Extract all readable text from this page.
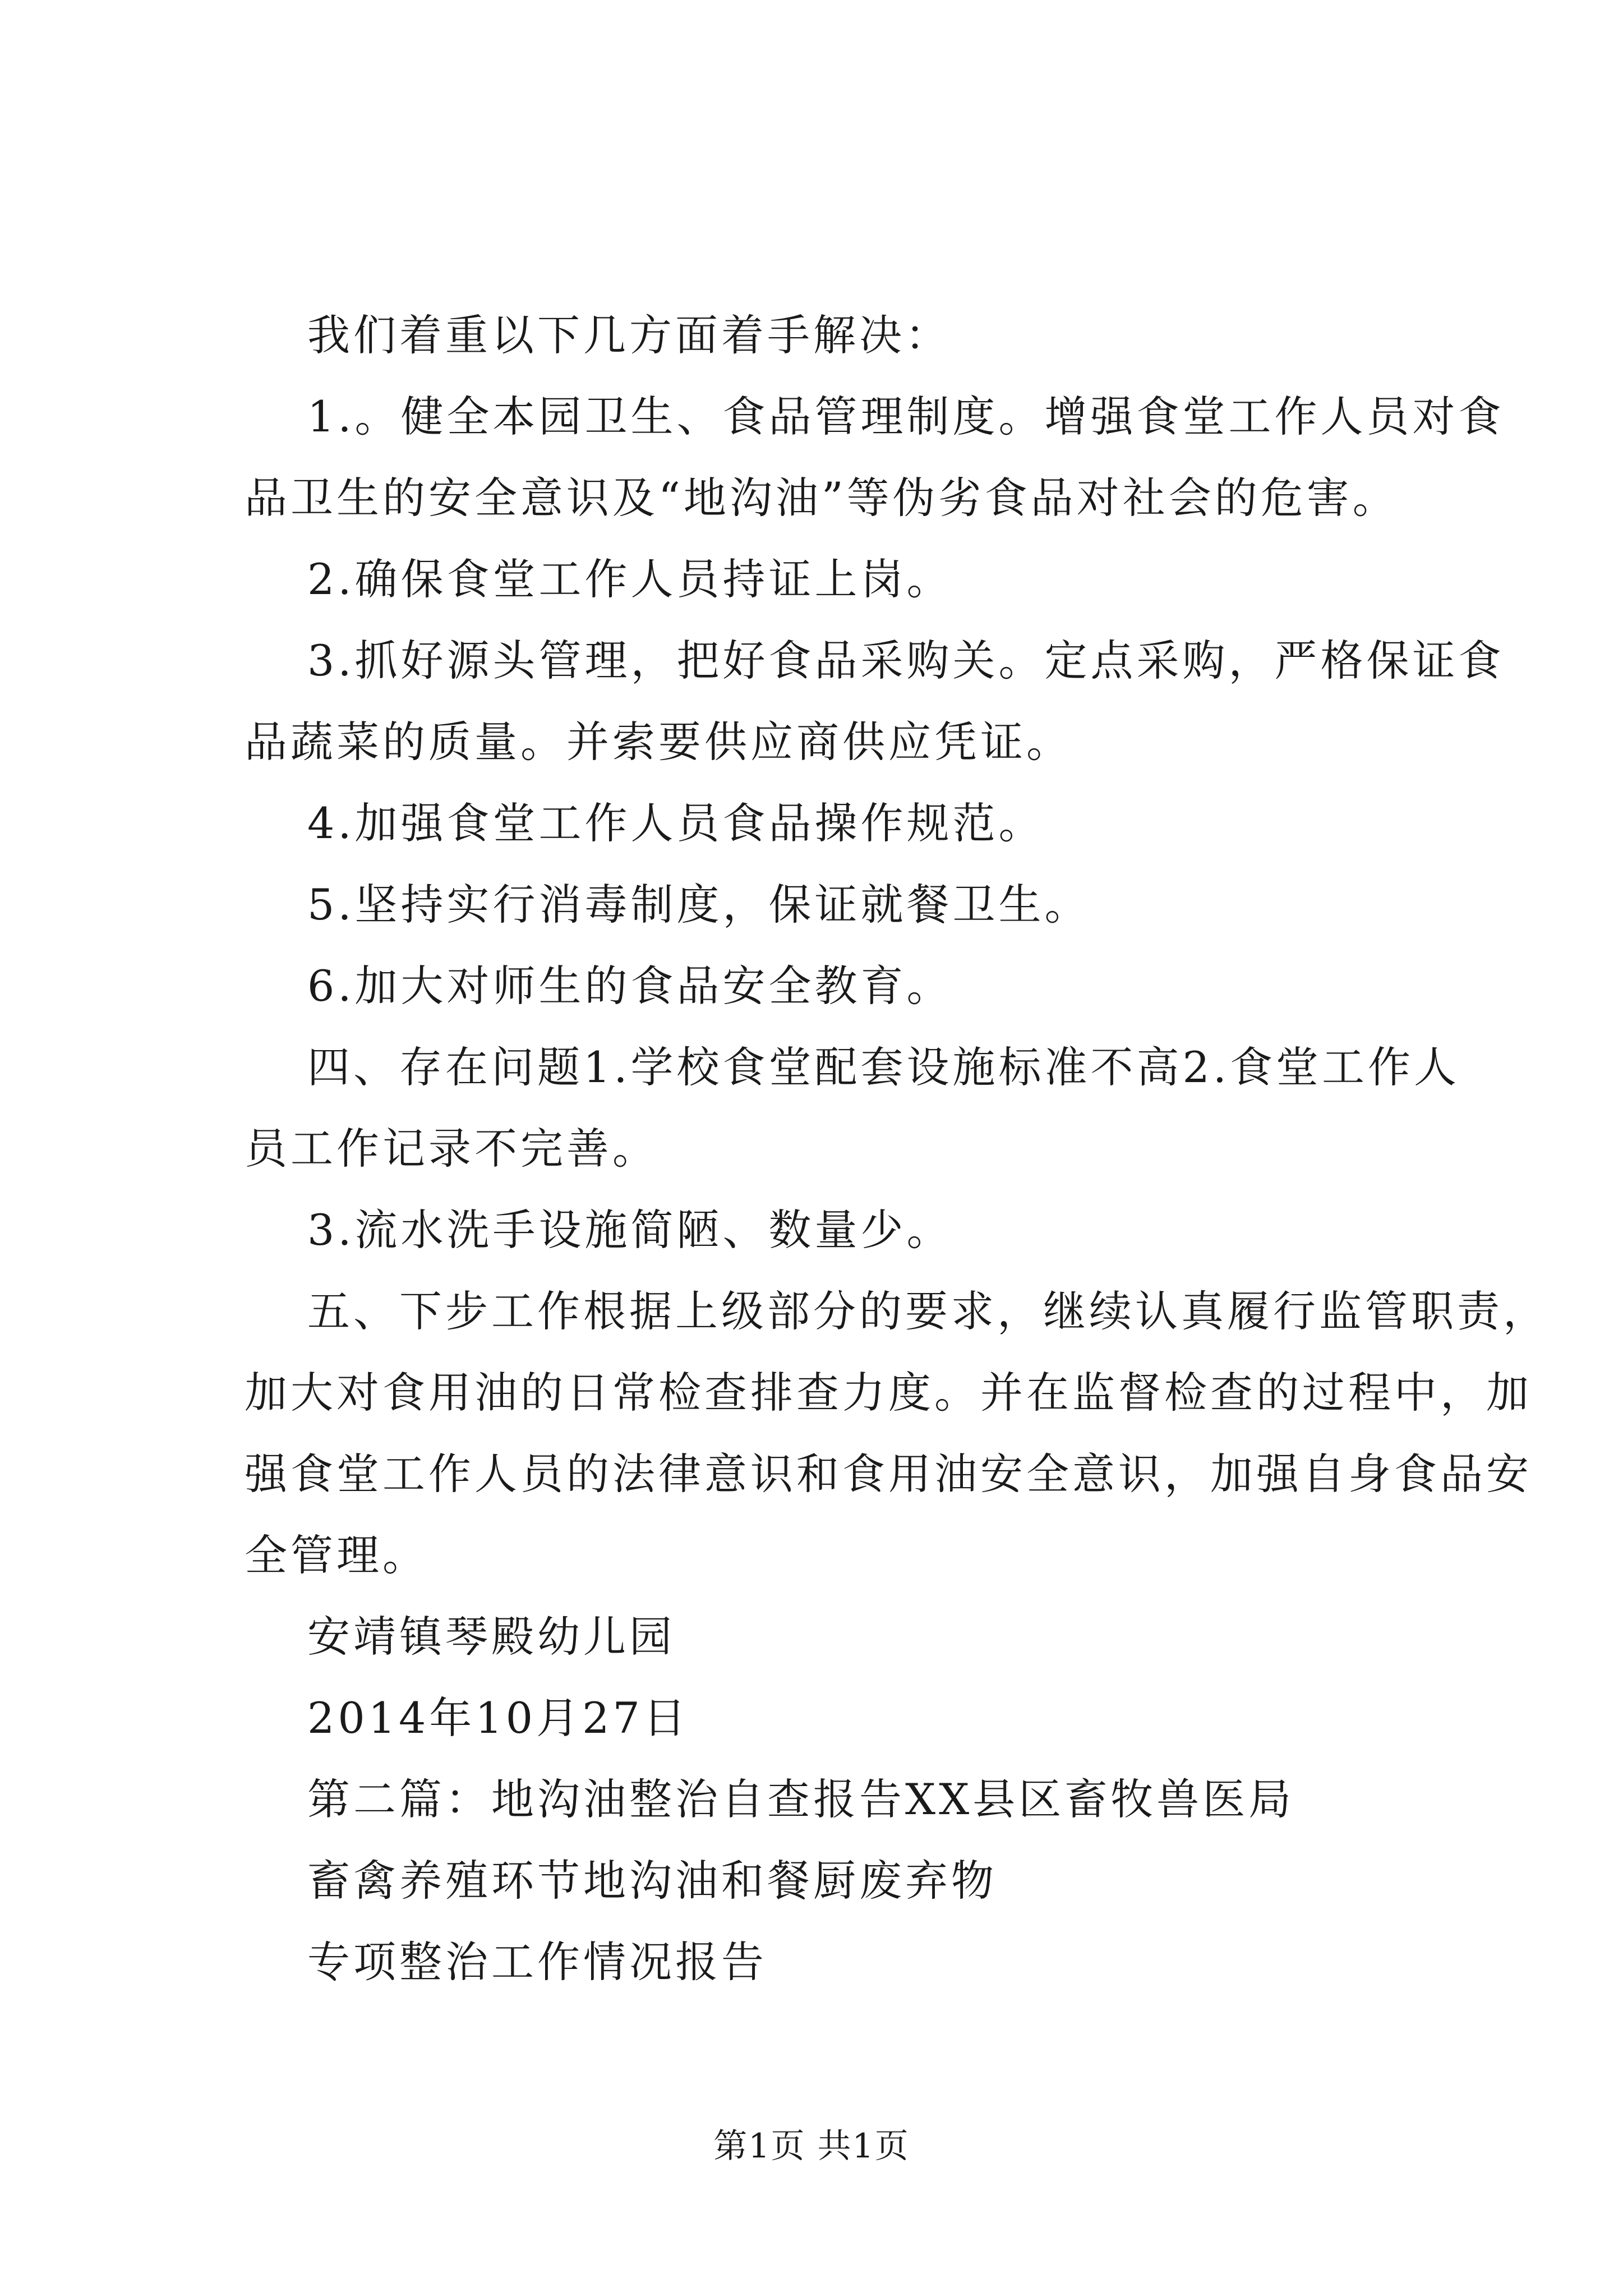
我们着重以下几方面着手解决：
1.。健全本园卫生、食品管理制度。增强食堂工作人员对食
品卫生的安全意识及“地沟油”等伪劣食品对社会的危害。
2.确保食堂工作人员持证上岗。
3.抓好源头管理，把好食品采购关。定点采购，严格保证食
品蔬菜的质量。并索要供应商供应凭证。
4.加强食堂工作人员食品操作规范。
5.坚持实行消毒制度，保证就餐卫生。
6.加大对师生的食品安全教育。
四、存在问题1.学校食堂配套设施标准不高2.食堂工作人
员工作记录不完善。
3.流水洗手设施简陋、数量少。
五、下步工作根据上级部分的要求，继续认真履行监管职责，
加大对食用油的日常检查排查力度。并在监督检查的过程中，加
强食堂工作人员的法律意识和食用油安全意识，加强自身食品安
全管理。
安靖镇琴殿幼儿园
2014年10月27日
第二篇：地沟油整治自查报告XX县区畜牧兽医局
畜禽养殖环节地沟油和餐厨废弃物
专项整治工作情况报告
第1页 共1页
